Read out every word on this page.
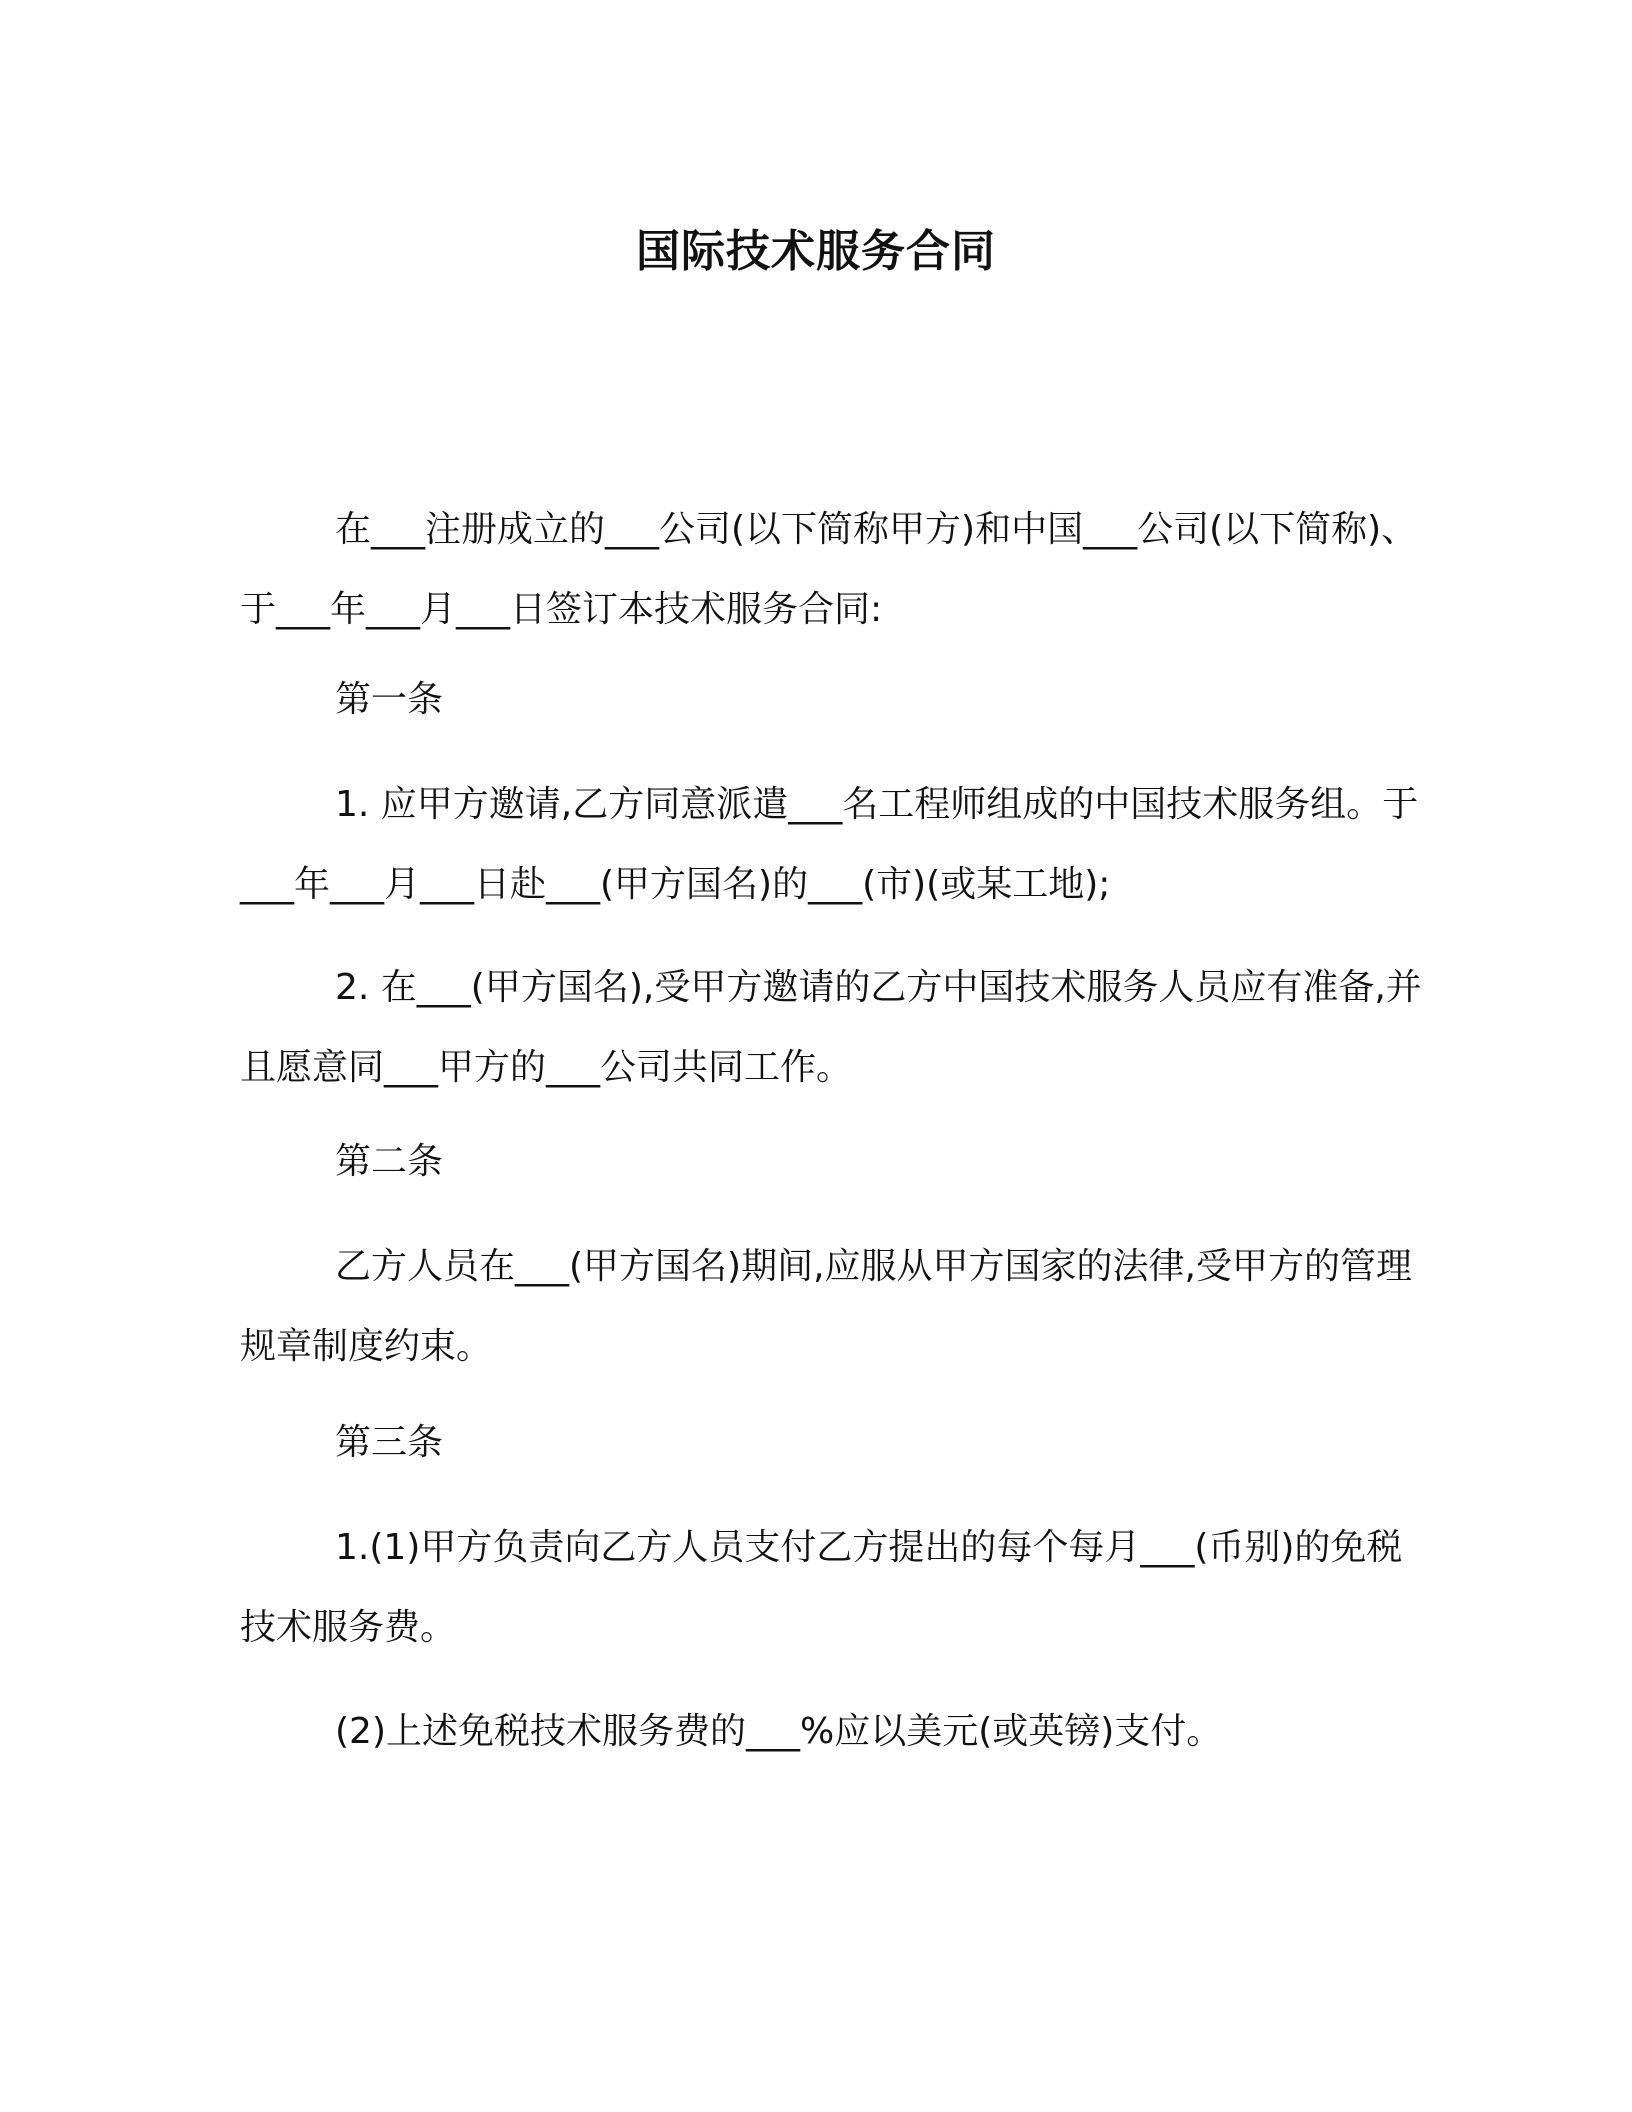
国际技术服务合同
在___注册成立的___公司(以下简称甲方)和中国___公司(以下简称)、于___年___月___日签订本技术服务合同:
第一条
1. 应甲方邀请,乙方同意派遣___名工程师组成的中国技术服务组。于___年___月___日赴___(甲方国名)的___(市)(或某工地);
2. 在___(甲方国名),受甲方邀请的乙方中国技术服务人员应有准备,并且愿意同___甲方的___公司共同工作。
第二条
乙方人员在___(甲方国名)期间,应服从甲方国家的法律,受甲方的管理规章制度约束。
第三条
1.(1)甲方负责向乙方人员支付乙方提出的每个每月___(币别)的免税技术服务费。
(2)上述免税技术服务费的___%应以美元(或英镑)支付。
